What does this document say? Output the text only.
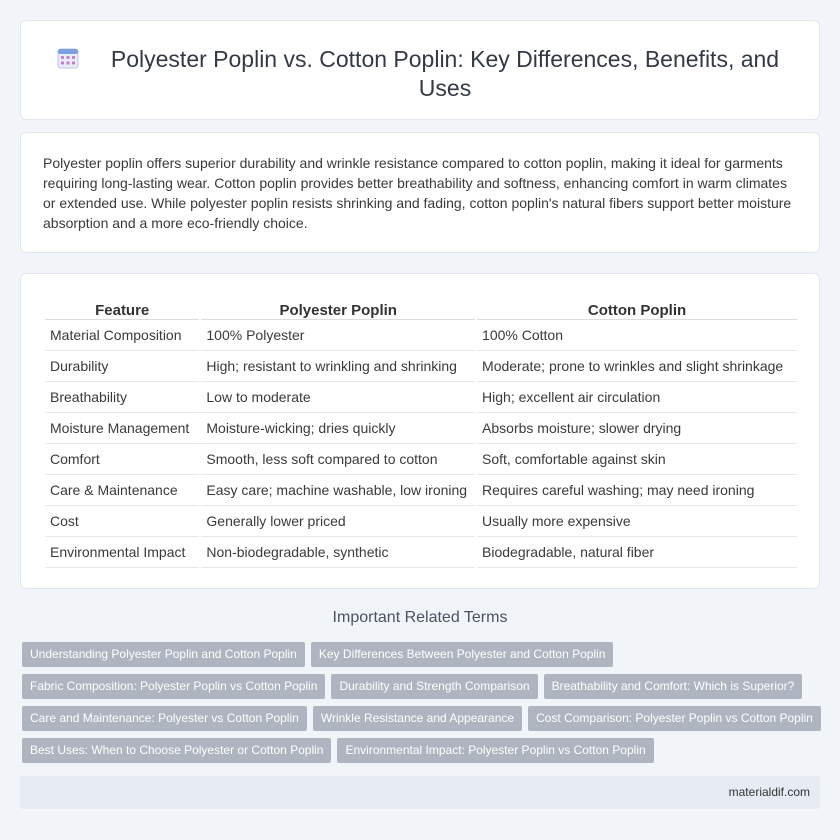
Polyester Poplin vs. Cotton Poplin: Key Differences, Benefits, and Uses

Polyester poplin offers superior durability and wrinkle resistance compared to cotton poplin, making it ideal for garments requiring long-lasting wear. Cotton poplin provides better breathability and softness, enhancing comfort in warm climates or extended use. While polyester poplin resists shrinking and fading, cotton poplin's natural fibers support better moisture absorption and a more eco-friendly choice.

Feature	Polyester Poplin	Cotton Poplin
Material Composition	100% Polyester	100% Cotton
Durability	High; resistant to wrinkling and shrinking	Moderate; prone to wrinkles and slight shrinkage
Breathability	Low to moderate	High; excellent air circulation
Moisture Management	Moisture-wicking; dries quickly	Absorbs moisture; slower drying
Comfort	Smooth, less soft compared to cotton	Soft, comfortable against skin
Care & Maintenance	Easy care; machine washable, low ironing	Requires careful washing; may need ironing
Cost	Generally lower priced	Usually more expensive
Environmental Impact	Non-biodegradable, synthetic	Biodegradable, natural fiber
Important Related Terms
Understanding Polyester Poplin and Cotton Poplin	Key Differences Between Polyester and Cotton Poplin
Fabric Composition: Polyester Poplin vs Cotton Poplin	Durability and Strength Comparison	Breathability and Comfort: Which is Superior?
Care and Maintenance: Polyester vs Cotton Poplin	Wrinkle Resistance and Appearance	Cost Comparison: Polyester Poplin vs Cotton Poplin
Best Uses: When to Choose Polyester or Cotton Poplin	Environmental Impact: Polyester Poplin vs Cotton Poplin
materialdif.com
